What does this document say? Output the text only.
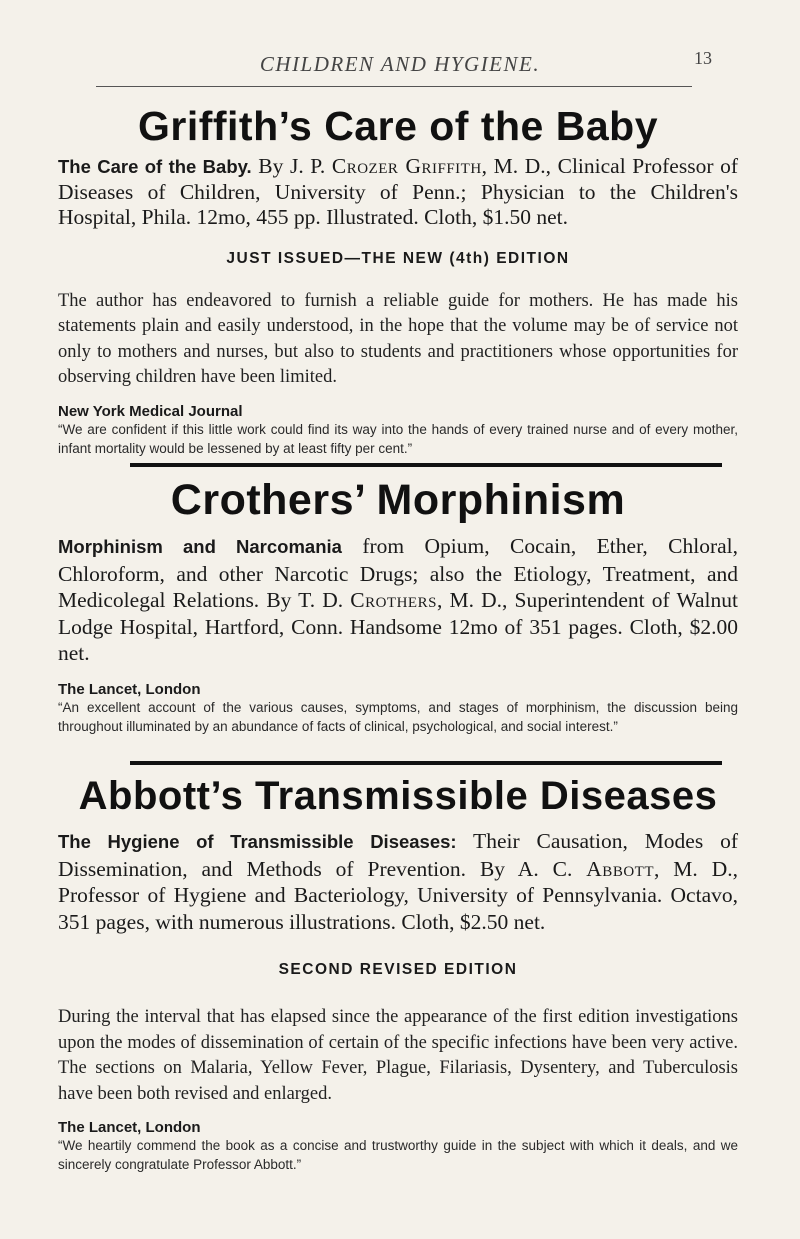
CHILDREN AND HYGIENE.	13
Griffith’s Care of the Baby

The Care of the Baby. By J. P. Crozer Griffith, M. D., Clinical Professor of Diseases of Children, University of Penn.; Physician to the Children's Hospital, Phila. 12mo, 455 pp. Illustrated. Cloth, $1.50 net.

JUST ISSUED—THE NEW (4th) EDITION

The author has endeavored to furnish a reliable guide for mothers. He has made his statements plain and easily understood, in the hope that the volume may be of service not only to mothers and nurses, but also to students and practitioners whose opportunities for observing children have been limited.

New York Medical Journal

“We are confident if this little work could find its way into the hands of every trained nurse and of every mother, infant mortality would be lessened by at least fifty per cent.”

Crothers’ Morphinism

Morphinism and Narcomania from Opium, Cocain, Ether, Chloral, Chloroform, and other Narcotic Drugs; also the Etiology, Treatment, and Medicolegal Relations. By T. D. Crothers, M. D., Superintendent of Walnut Lodge Hospital, Hartford, Conn. Handsome 12mo of 351 pages. Cloth, $2.00 net.

The Lancet, London

“An excellent account of the various causes, symptoms, and stages of morphinism, the discussion being throughout illuminated by an abundance of facts of clinical, psychological, and social interest.”

Abbott’s Transmissible Diseases

The Hygiene of Transmissible Diseases: Their Causation, Modes of Dissemination, and Methods of Prevention. By A. C. Abbott, M. D., Professor of Hygiene and Bacteriology, University of Pennsylvania. Octavo, 351 pages, with numerous illustrations. Cloth, $2.50 net.

SECOND REVISED EDITION

During the interval that has elapsed since the appearance of the first edition investigations upon the modes of dissemination of certain of the specific infections have been very active. The sections on Malaria, Yellow Fever, Plague, Filariasis, Dysentery, and Tuberculosis have been both revised and enlarged.

The Lancet, London

“We heartily commend the book as a concise and trustworthy guide in the subject with which it deals, and we sincerely congratulate Professor Abbott.”
